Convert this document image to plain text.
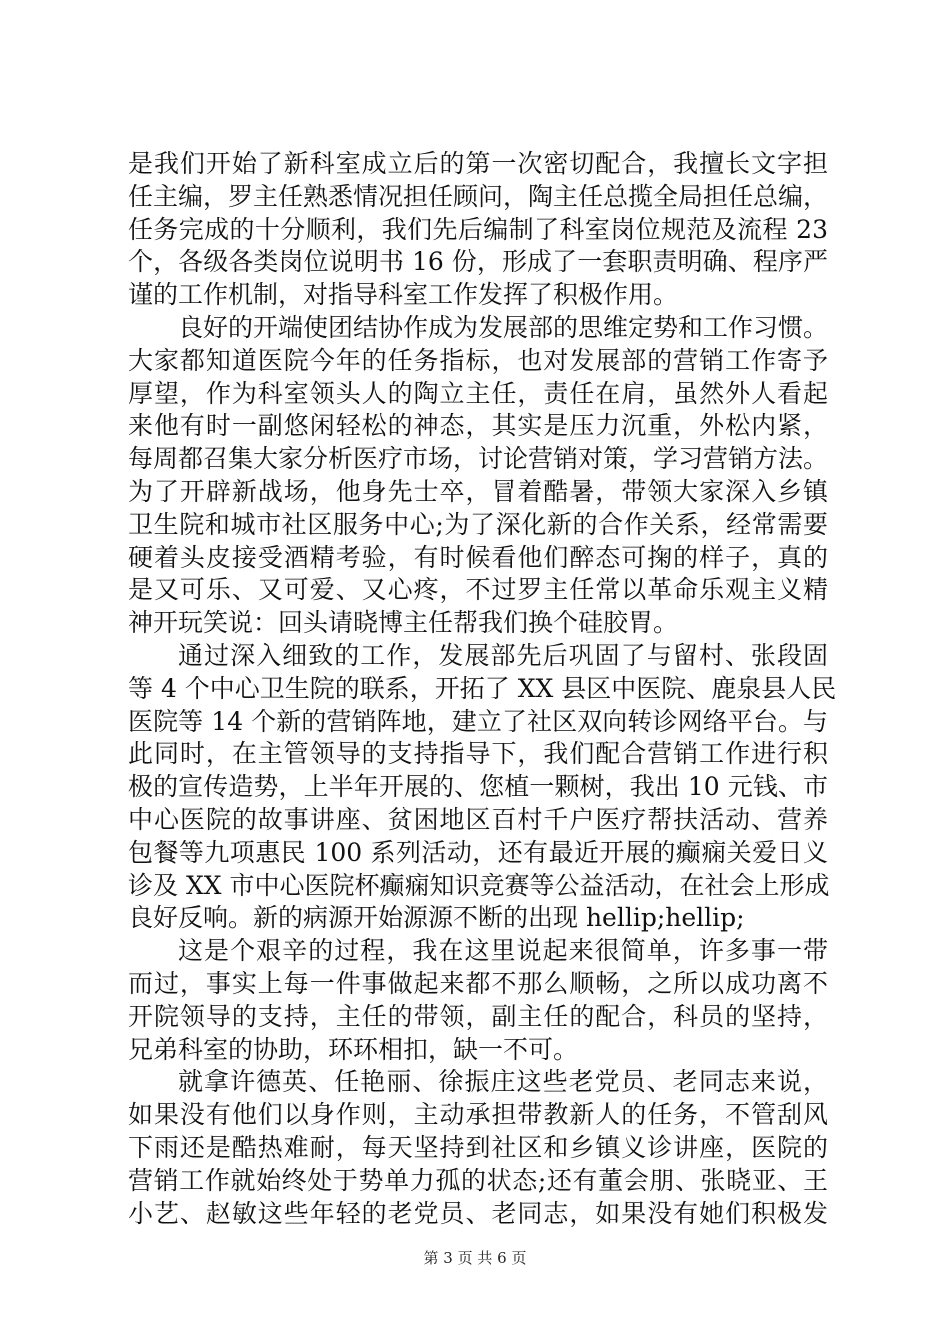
是我们开始了新科室成立后的第一次密切配合，我擅长文字担
任主编，罗主任熟悉情况担任顾问，陶主任总揽全局担任总编，
任务完成的十分顺利，我们先后编制了科室岗位规范及流程 23
个，各级各类岗位说明书 16 份，形成了一套职责明确、程序严
谨的工作机制，对指导科室工作发挥了积极作用。
良好的开端使团结协作成为发展部的思维定势和工作习惯。
大家都知道医院今年的任务指标，也对发展部的营销工作寄予
厚望，作为科室领头人的陶立主任，责任在肩，虽然外人看起
来他有时一副悠闲轻松的神态，其实是压力沉重，外松内紧，
每周都召集大家分析医疗市场，讨论营销对策，学习营销方法。
为了开辟新战场，他身先士卒，冒着酷暑，带领大家深入乡镇
卫生院和城市社区服务中心;为了深化新的合作关系，经常需要
硬着头皮接受酒精考验，有时候看他们醉态可掬的样子，真的
是又可乐、又可爱、又心疼，不过罗主任常以革命乐观主义精
神开玩笑说：回头请晓博主任帮我们换个硅胶胃。
通过深入细致的工作，发展部先后巩固了与留村、张段固
等 4 个中心卫生院的联系，开拓了 XX 县区中医院、鹿泉县人民
医院等 14 个新的营销阵地，建立了社区双向转诊网络平台。与
此同时，在主管领导的支持指导下，我们配合营销工作进行积
极的宣传造势，上半年开展的、您植一颗树，我出 10 元钱、市
中心医院的故事讲座、贫困地区百村千户医疗帮扶活动、营养
包餐等九项惠民 100 系列活动，还有最近开展的癫痫关爱日义
诊及 XX 市中心医院杯癫痫知识竞赛等公益活动，在社会上形成
良好反响。新的病源开始源源不断的出现 hellip;hellip;
这是个艰辛的过程，我在这里说起来很简单，许多事一带
而过，事实上每一件事做起来都不那么顺畅，之所以成功离不
开院领导的支持，主任的带领，副主任的配合，科员的坚持，
兄弟科室的协助，环环相扣，缺一不可。
就拿许德英、任艳丽、徐振庄这些老党员、老同志来说，
如果没有他们以身作则，主动承担带教新人的任务，不管刮风
下雨还是酷热难耐，每天坚持到社区和乡镇义诊讲座，医院的
营销工作就始终处于势单力孤的状态;还有董会朋、张晓亚、王
小艺、赵敏这些年轻的老党员、老同志，如果没有她们积极发
第 3 页 共 6 页
